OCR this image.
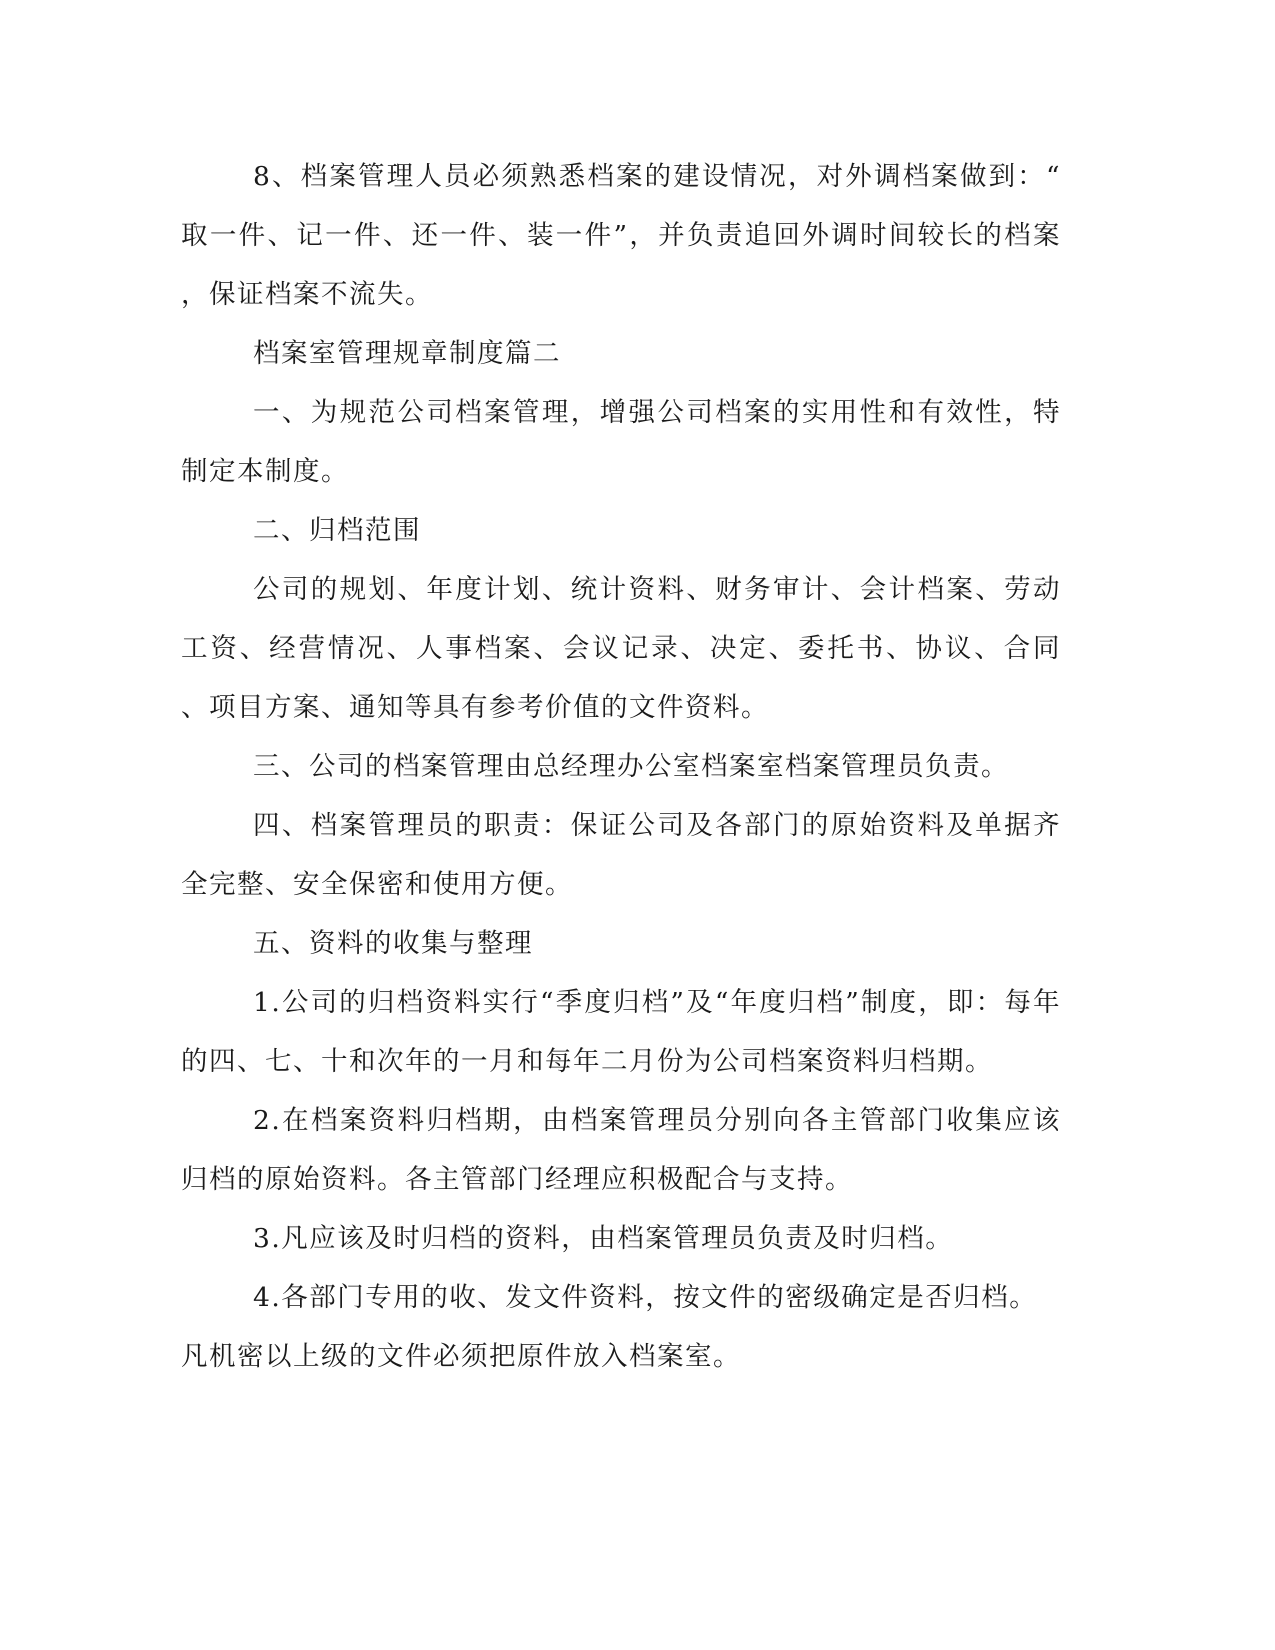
8、档案管理人员必须熟悉档案的建设情况，对外调档案做到：“
取一件、记一件、还一件、装一件”，并负责追回外调时间较长的档案
，保证档案不流失。
档案室管理规章制度篇二
一、为规范公司档案管理，增强公司档案的实用性和有效性，特
制定本制度。
二、归档范围
公司的规划、年度计划、统计资料、财务审计、会计档案、劳动
工资、经营情况、人事档案、会议记录、决定、委托书、协议、合同
、项目方案、通知等具有参考价值的文件资料。
三、公司的档案管理由总经理办公室档案室档案管理员负责。
四、档案管理员的职责：保证公司及各部门的原始资料及单据齐
全完整、安全保密和使用方便。
五、资料的收集与整理
1.公司的归档资料实行“季度归档”及“年度归档”制度，即：每年
的四、七、十和次年的一月和每年二月份为公司档案资料归档期。
2.在档案资料归档期，由档案管理员分别向各主管部门收集应该
归档的原始资料。各主管部门经理应积极配合与支持。
3.凡应该及时归档的资料，由档案管理员负责及时归档。
4.各部门专用的收、发文件资料，按文件的密级确定是否归档。
凡机密以上级的文件必须把原件放入档案室。
